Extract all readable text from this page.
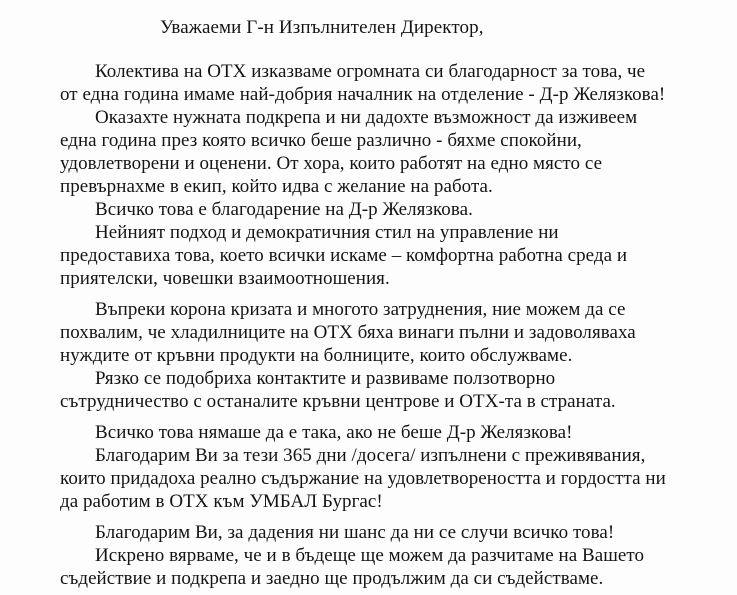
Уважаеми Г-н Изпълнителен Директор,
Колектива на ОТХ изказваме огромната си благодарност за това, че
от една година имаме най-добрия началник на отделение - Д-р Желязкова!
Оказахте нужната подкрепа и ни дадохте възможност да изживеем
една година през която всичко беше различно - бяхме спокойни,
удовлетворени и оценени. От хора, които работят на едно място се
превърнахме в екип, който идва с желание на работа.
Всичко това е благодарение на Д-р Желязкова.
Нейният подход и демократичния стил на управление ни
предоставиха това, което всички искаме – комфортна работна среда и
приятелски, човешки взаимоотношения.
Въпреки корона кризата и многото затруднения, ние можем да се
похвалим, че хладилниците на ОТХ бяха винаги пълни и задоволяваха
нуждите от кръвни продукти на болниците, които обслужваме.
Рязко се подобриха контактите и развиваме ползотворно
сътрудничество с останалите кръвни центрове и ОТХ-та в страната.
Всичко това нямаше да е така, ако не беше Д-р Желязкова!
Благодарим Ви за тези 365 дни /досега/ изпълнени с преживявания,
които придадоха реално съдържание на удовлетвореността и гордостта ни
да работим в ОТХ към УМБАЛ Бургас!
Благодарим Ви, за дадения ни шанс да ни се случи всичко това!
Искрено вярваме, че и в бъдеще ще можем да разчитаме на Вашето
съдействие и подкрепа и заедно ще продължим да си съдействаме.
